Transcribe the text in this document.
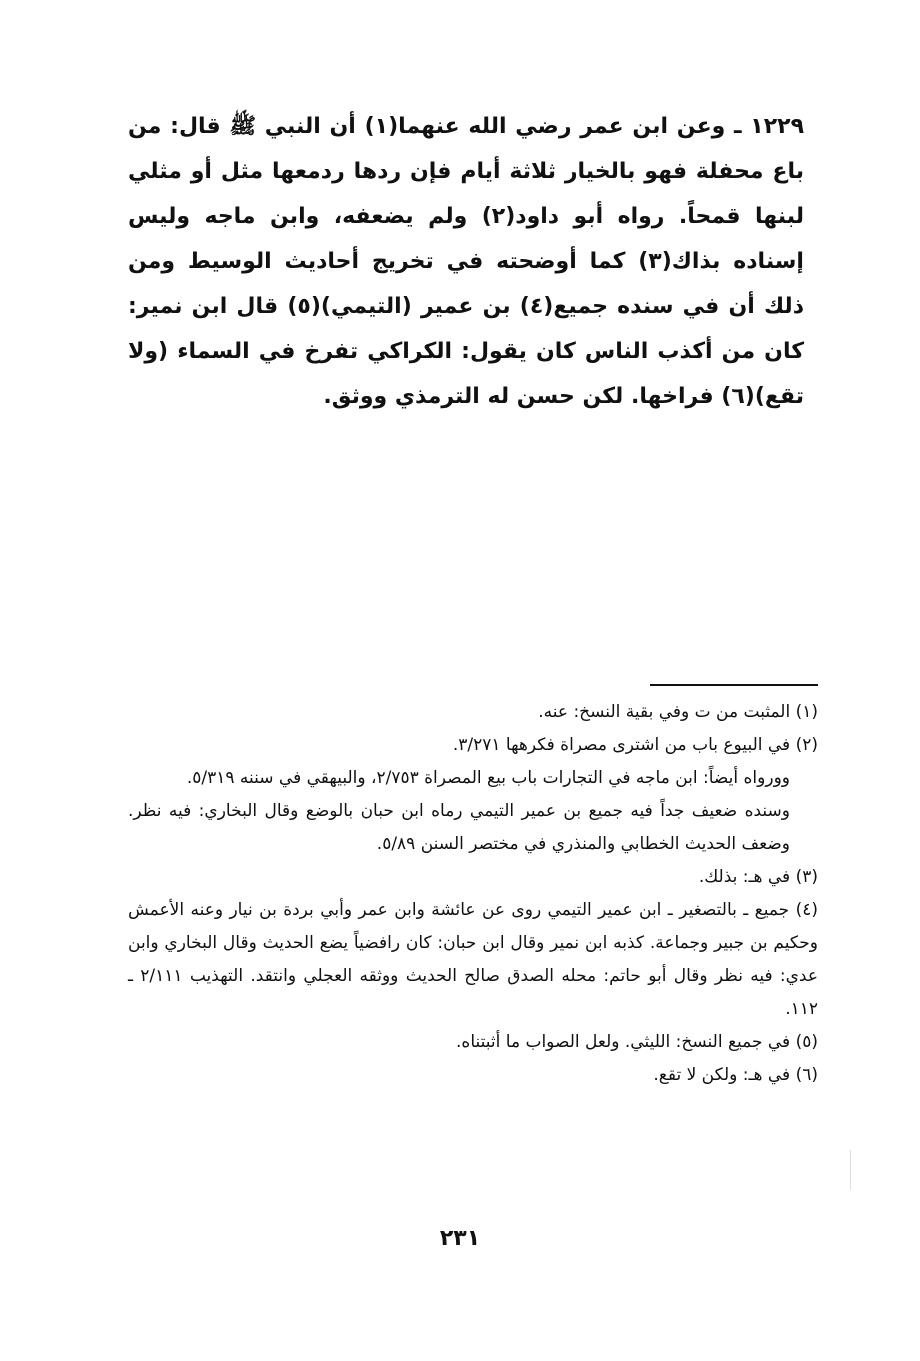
١٢٢٩ ـ وعن ابن عمر رضي الله عنهما(١) أن النبي ﷺ قال: من باع محفلة فهو بالخيار ثلاثة أيام فإن ردها ردمعها مثل أو مثلي لبنها قمحاً. رواه أبو داود(٢) ولم يضعفه، وابن ماجه وليس إسناده بذاك(٣) كما أوضحته في تخريج أحاديث الوسيط ومن ذلك أن في سنده جميع(٤) بن عمير (التيمي)(٥) قال ابن نمير: كان من أكذب الناس كان يقول: الكراكي تفرخ في السماء (ولا تقع)(٦) فراخها. لكن حسن له الترمذي ووثق.

(١) المثبت من ت وفي بقية النسخ: عنه.

(٢) في البيوع باب من اشترى مصراة فكرهها ٣/٢٧١.

وورواه أيضاً: ابن ماجه في التجارات باب بيع المصراة ٢/٧٥٣، والبيهقي في سننه ٥/٣١٩.

وسنده ضعيف جداً فيه جميع بن عمير التيمي رماه ابن حبان بالوضع وقال البخاري: فيه نظر. وضعف الحديث الخطابي والمنذري في مختصر السنن ٥/٨٩.

(٣) في هـ: بذلك.

(٤) جميع ـ بالتصغير ـ ابن عمير التيمي روى عن عائشة وابن عمر وأبي بردة بن نيار وعنه الأعمش وحكيم بن جبير وجماعة. كذبه ابن نمير وقال ابن حبان: كان رافضياً يضع الحديث وقال البخاري وابن عدي: فيه نظر وقال أبو حاتم: محله الصدق صالح الحديث ووثقه العجلي وانتقد. التهذيب ٢/١١١ ـ ١١٢.

(٥) في جميع النسخ: الليثي. ولعل الصواب ما أثبتناه.

(٦) في هـ: ولكن لا تقع.

٢٣١
